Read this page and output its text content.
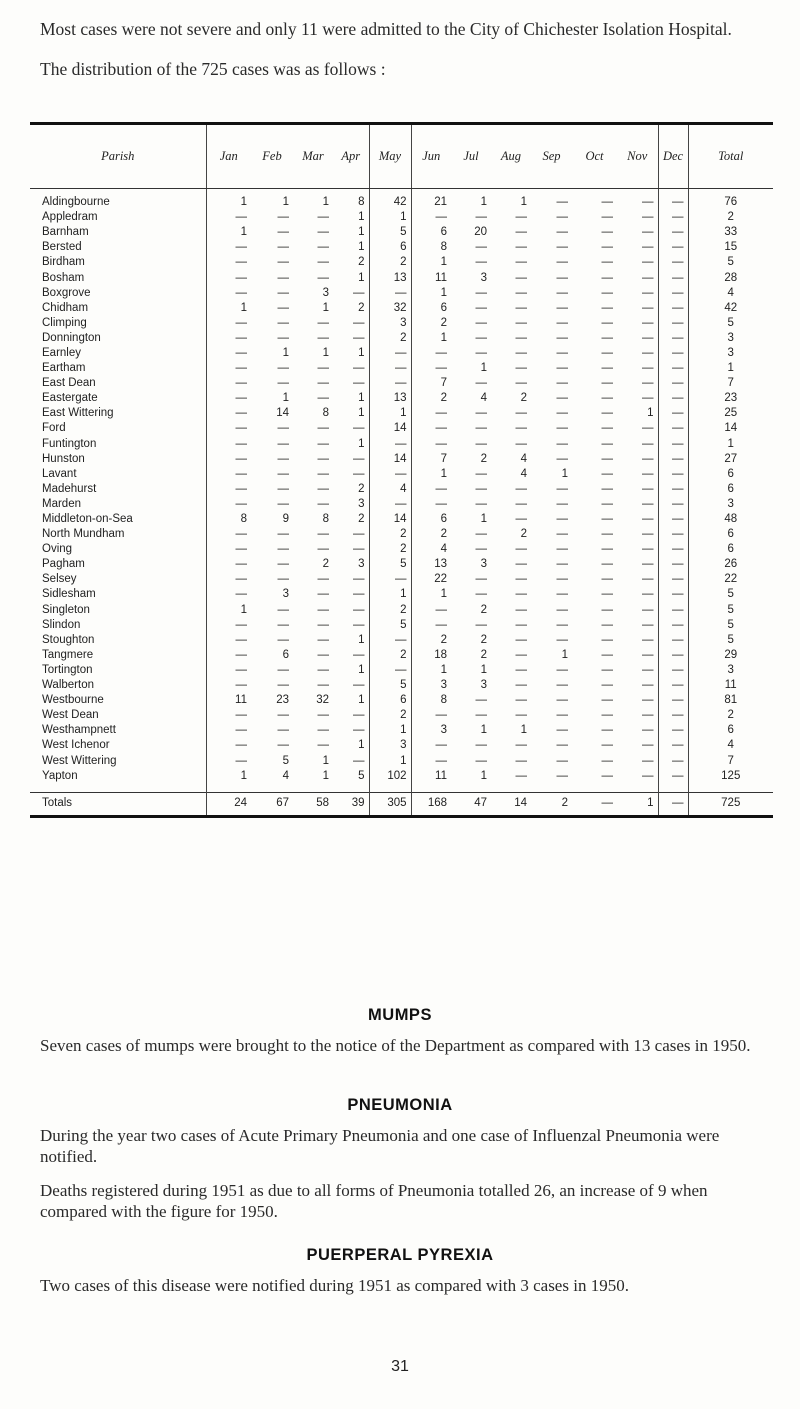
Most cases were not severe and only 11 were admitted to the City of Chichester Isolation Hospital.

The distribution of the 725 cases was as follows :

Parish	Jan	Feb	Mar	Apr	May	Jun	Jul	Aug	Sep	Oct	Nov	Dec	Total
Aldingbourne	1	1	1	8	42	21	1	1	—	—	—	—	76
Appledram	—	—	—	1	1	—	—	—	—	—	—	—	2
Barnham	1	—	—	1	5	6	20	—	—	—	—	—	33
Bersted	—	—	—	1	6	8	—	—	—	—	—	—	15
Birdham	—	—	—	2	2	1	—	—	—	—	—	—	5
Bosham	—	—	—	1	13	11	3	—	—	—	—	—	28
Boxgrove	—	—	3	—	—	1	—	—	—	—	—	—	4
Chidham	1	—	1	2	32	6	—	—	—	—	—	—	42
Climping	—	—	—	—	3	2	—	—	—	—	—	—	5
Donnington	—	—	—	—	2	1	—	—	—	—	—	—	3
Earnley	—	1	1	1	—	—	—	—	—	—	—	—	3
Eartham	—	—	—	—	—	—	1	—	—	—	—	—	1
East Dean	—	—	—	—	—	7	—	—	—	—	—	—	7
Eastergate	—	1	—	1	13	2	4	2	—	—	—	—	23
East Wittering	—	14	8	1	1	—	—	—	—	—	1	—	25
Ford	—	—	—	—	14	—	—	—	—	—	—	—	14
Funtington	—	—	—	1	—	—	—	—	—	—	—	—	1
Hunston	—	—	—	—	14	7	2	4	—	—	—	—	27
Lavant	—	—	—	—	—	1	—	4	1	—	—	—	6
Madehurst	—	—	—	2	4	—	—	—	—	—	—	—	6
Marden	—	—	—	3	—	—	—	—	—	—	—	—	3
Middleton-on-Sea	8	9	8	2	14	6	1	—	—	—	—	—	48
North Mundham	—	—	—	—	2	2	—	2	—	—	—	—	6
Oving	—	—	—	—	2	4	—	—	—	—	—	—	6
Pagham	—	—	2	3	5	13	3	—	—	—	—	—	26
Selsey	—	—	—	—	—	22	—	—	—	—	—	—	22
Sidlesham	—	3	—	—	1	1	—	—	—	—	—	—	5
Singleton	1	—	—	—	2	—	2	—	—	—	—	—	5
Slindon	—	—	—	—	5	—	—	—	—	—	—	—	5
Stoughton	—	—	—	1	—	2	2	—	—	—	—	—	5
Tangmere	—	6	—	—	2	18	2	—	1	—	—	—	29
Tortington	—	—	—	1	—	1	1	—	—	—	—	—	3
Walberton	—	—	—	—	5	3	3	—	—	—	—	—	11
Westbourne	11	23	32	1	6	8	—	—	—	—	—	—	81
West Dean	—	—	—	—	2	—	—	—	—	—	—	—	2
Westhampnett	—	—	—	—	1	3	1	1	—	—	—	—	6
West Ichenor	—	—	—	1	3	—	—	—	—	—	—	—	4
West Wittering	—	5	1	—	1	—	—	—	—	—	—	—	7
Yapton	1	4	1	5	102	11	1	—	—	—	—	—	125
Totals	24	67	58	39	305	168	47	14	2	—	1	—	725
MUMPS

Seven cases of mumps were brought to the notice of the Department as compared with 13 cases in 1950.

PNEUMONIA

During the year two cases of Acute Primary Pneumonia and one case of Influenzal Pneumonia were notified.

Deaths registered during 1951 as due to all forms of Pneumonia totalled 26, an increase of 9 when compared with the figure for 1950.

PUERPERAL PYREXIA

Two cases of this disease were notified during 1951 as compared with 3 cases in 1950.

31
